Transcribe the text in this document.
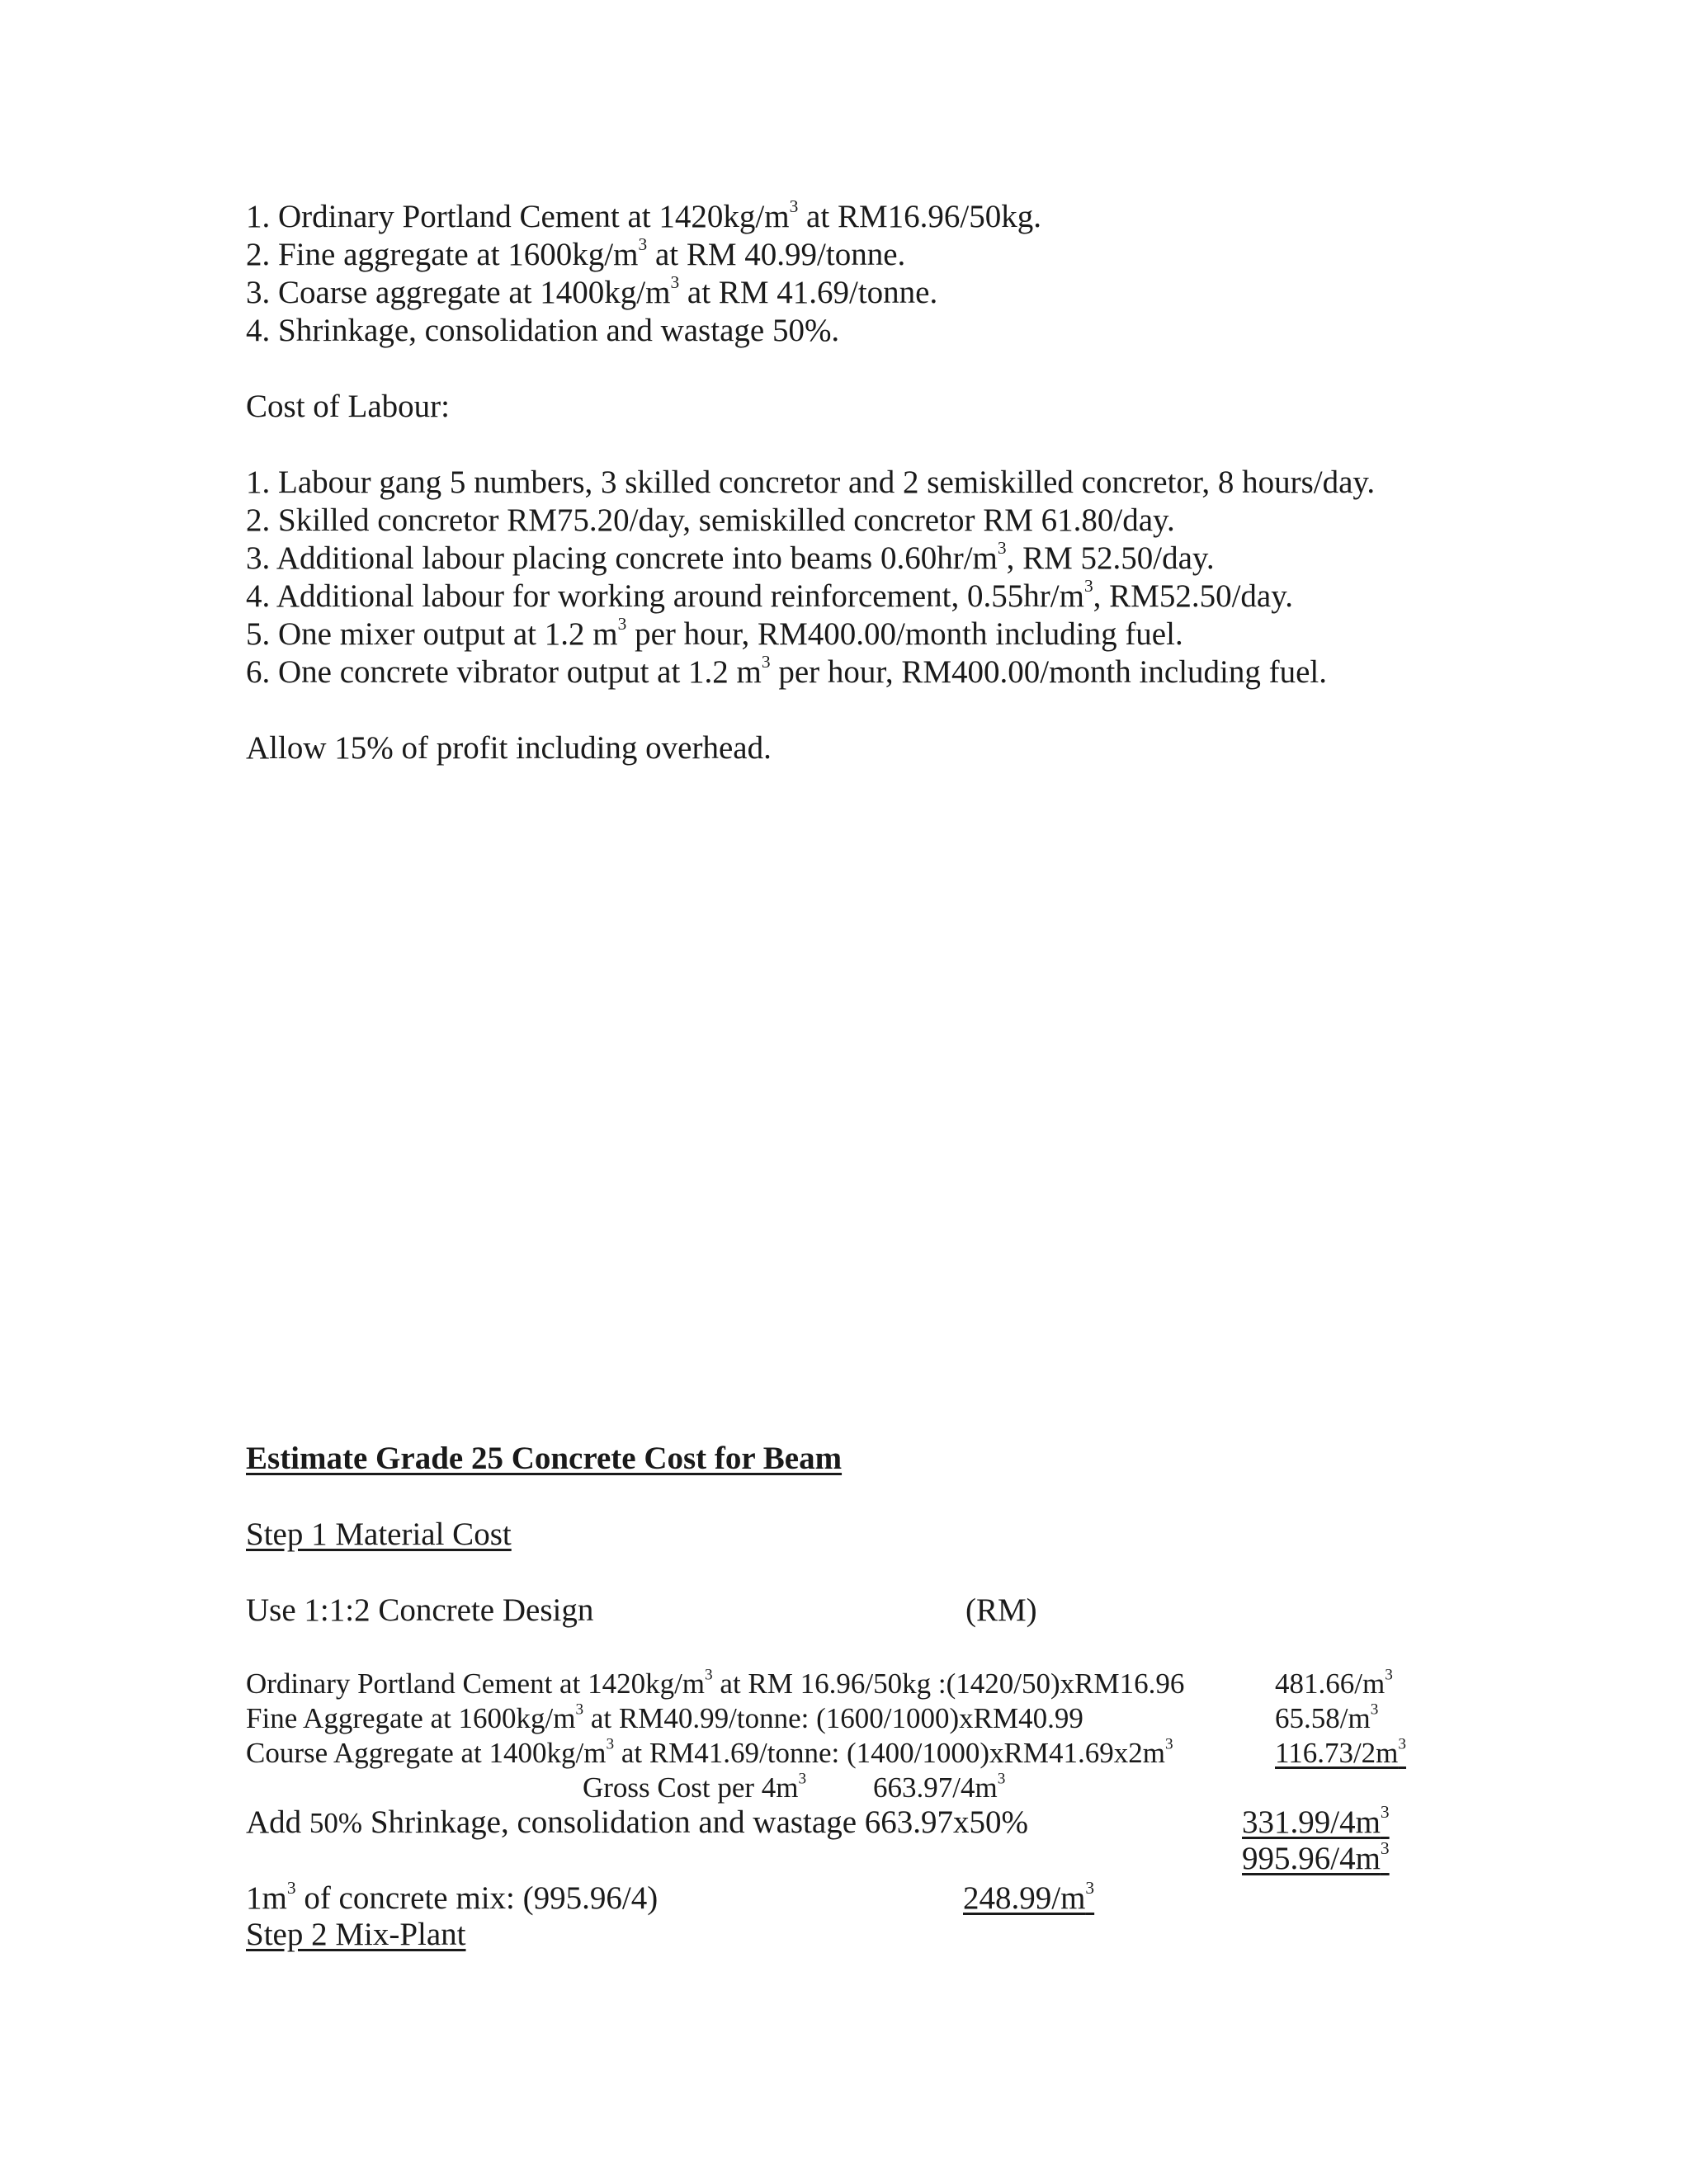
1. Ordinary Portland Cement at $1420kg/m^3$ at RM16.96/50kg.
2. Fine aggregate at $1600kg/m^3$ at RM 40.99/tonne.
3. Coarse aggregate at $1400kg/m^3$ at RM 41.69/tonne.
4. Shrinkage, consolidation and wastage 50%.
Cost of Labour:
1. Labour gang 5 numbers, 3 skilled concretor and 2 semiskilled concretor, 8 hours/day.
2. Skilled concretor RM75.20/day, semiskilled concretor RM 61.80/day.
3. Additional labour placing concrete into beams $0.60hr/m^3$, RM 52.50/day.
4. Additional labour for working around reinforcement, $0.55hr/m^3$, RM52.50/day.
5. One mixer output at 1.2 $m^3$ per hour, RM400.00/month including fuel.
6. One concrete vibrator output at 1.2 $m^3$ per hour, RM400.00/month including fuel.
Allow 15% of profit including overhead.
Estimate Grade 25 Concrete Cost for Beam
Step 1 Material Cost
Use 1:1:2 Concrete Design	(RM)
Ordinary Portland Cement at $1420kg/m^3$ at RM 16.96/50kg :(1420/50)xRM16.96	$481.66/m^3$
Fine Aggregate at $1600kg/m^3$ at RM40.99/tonne: (1600/1000)xRM40.99	$65.58/m^3$
Course Aggregate at $1400kg/m^3$ at RM41.69/tonne: $(1400/1000)xRM41.69x2m^3$	$116.73/2m^3$
Gross Cost per $4m^3$ $663.97/4m^3$
Add 50% Shrinkage, consolidation and wastage 663.97x50%	$331.99/4m^3$
$995.96/4m^3$
$1m^3$ of concrete mix: (995.96/4)	$248.99/m^3$
Step 2 Mix-Plant
